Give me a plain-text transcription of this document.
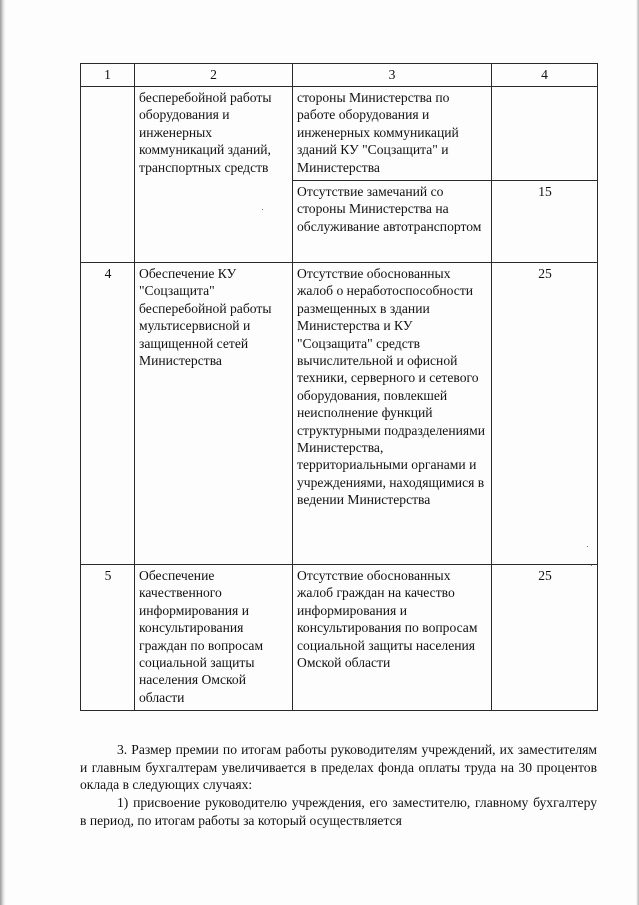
1	2	3	4
	бесперебойной работы оборудования и инженерных коммуникаций зданий, транспортных средств	стороны Министерства по работе оборудования и инженерных коммуникаций зданий КУ "Соцзащита" и Министерства	
		Отсутствие замечаний со стороны Министерства на обслуживание автотранспортом	15
4	Обеспечение КУ "Соцзащита" бесперебойной работы мультисервисной и защищенной сетей Министерства	Отсутствие обоснованных жалоб о неработоспособности размещенных в здании Министерства и КУ "Соцзащита" средств вычислительной и офисной техники, серверного и сетевого оборудования, повлекшей неисполнение функций структурными подразделениями Министерства, территориальными органами и учреждениями, находящимися в ведении Министерства	25
5	Обеспечение качественного информирования и консультирования граждан по вопросам социальной защиты населения Омской области	Отсутствие обоснованных жалоб граждан на качество информирования и консультирования по вопросам социальной защиты населения Омской области	25
3. Размер премии по итогам работы руководителям учреждений, их заместителям и главным бухгалтерам увеличивается в пределах фонда оплаты труда на 30 процентов оклада в следующих случаях:
1) присвоение руководителю учреждения, его заместителю, главному бухгалтеру в период, по итогам работы за который осуществляется
